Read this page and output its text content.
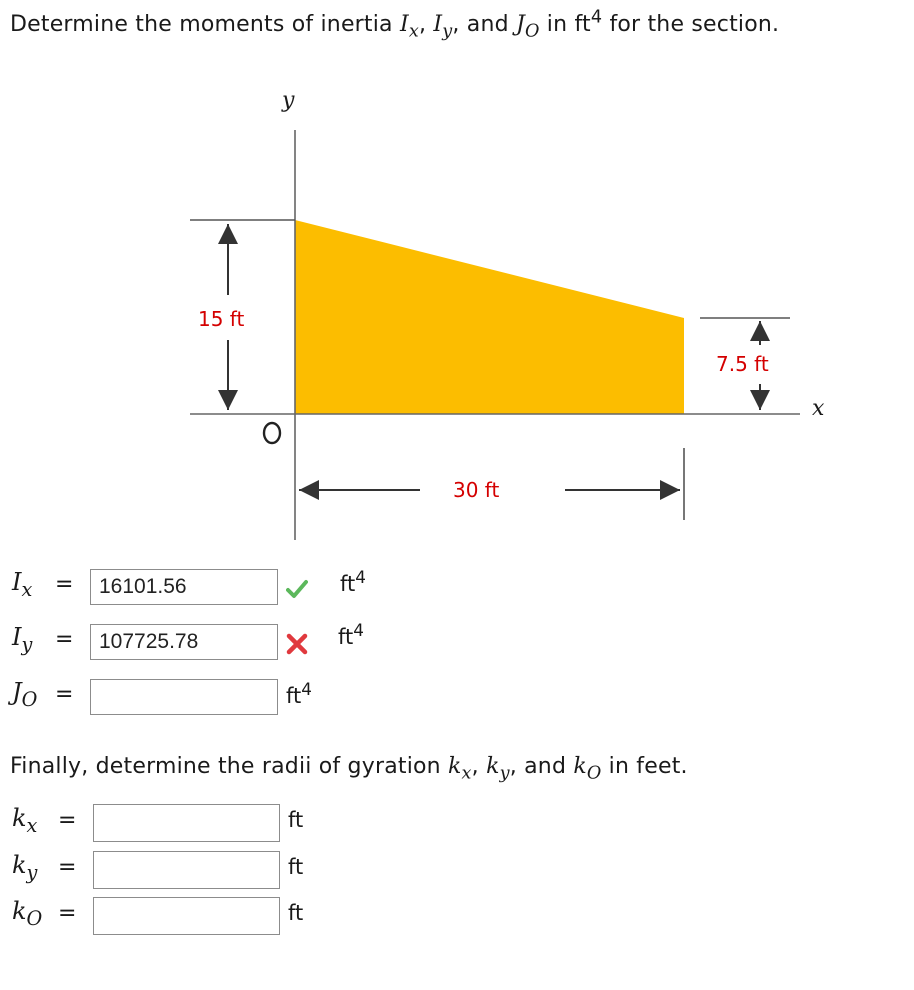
Determine the moments of inertia $I_x$, $I_y$, and $J_O$ in $ft^4$ for the section.
y
x
15 ft
7.5 ft
30 ft
$I_x$ =	16101.56	$ft^4$
$I_y$ =	107725.78	$ft^4$
$J_O$ =	$ft^4$
Finally, determine the radii of gyration $k_x$, $k_y$, and $k_O$ in feet.
$k_x$ =	ft
$k_y$ =	ft
$k_O$ =	ft
